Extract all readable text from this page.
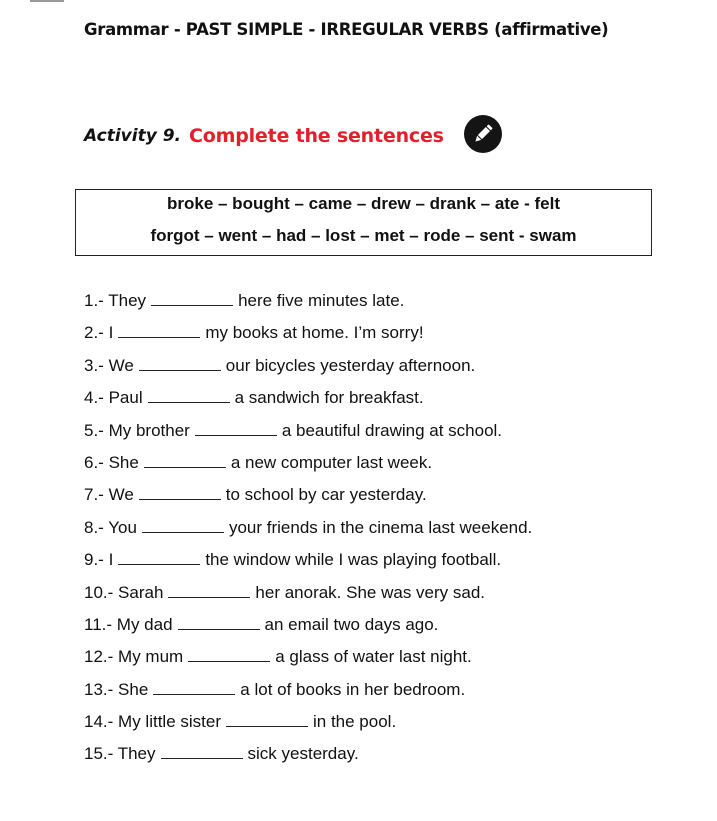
Grammar - PAST SIMPLE - IRREGULAR VERBS (affirmative)
Activity 9. Complete the sentences
broke – bought – came – drew – drank – ate - felt
forgot – went – had – lost – met – rode – sent - swam
1.- They	here five minutes late.
2.- I	my books at home. I’m sorry!
3.- We	our bicycles yesterday afternoon.
4.- Paul	a sandwich for breakfast.
5.- My brother	a beautiful drawing at school.
6.- She	a new computer last week.
7.- We	to school by car yesterday.
8.- You	your friends in the cinema last weekend.
9.- I	the window while I was playing football.
10.- Sarah	her anorak. She was very sad.
11.- My dad	an email two days ago.
12.- My mum	a glass of water last night.
13.- She	a lot of books in her bedroom.
14.- My little sister	in the pool.
15.- They	sick yesterday.
